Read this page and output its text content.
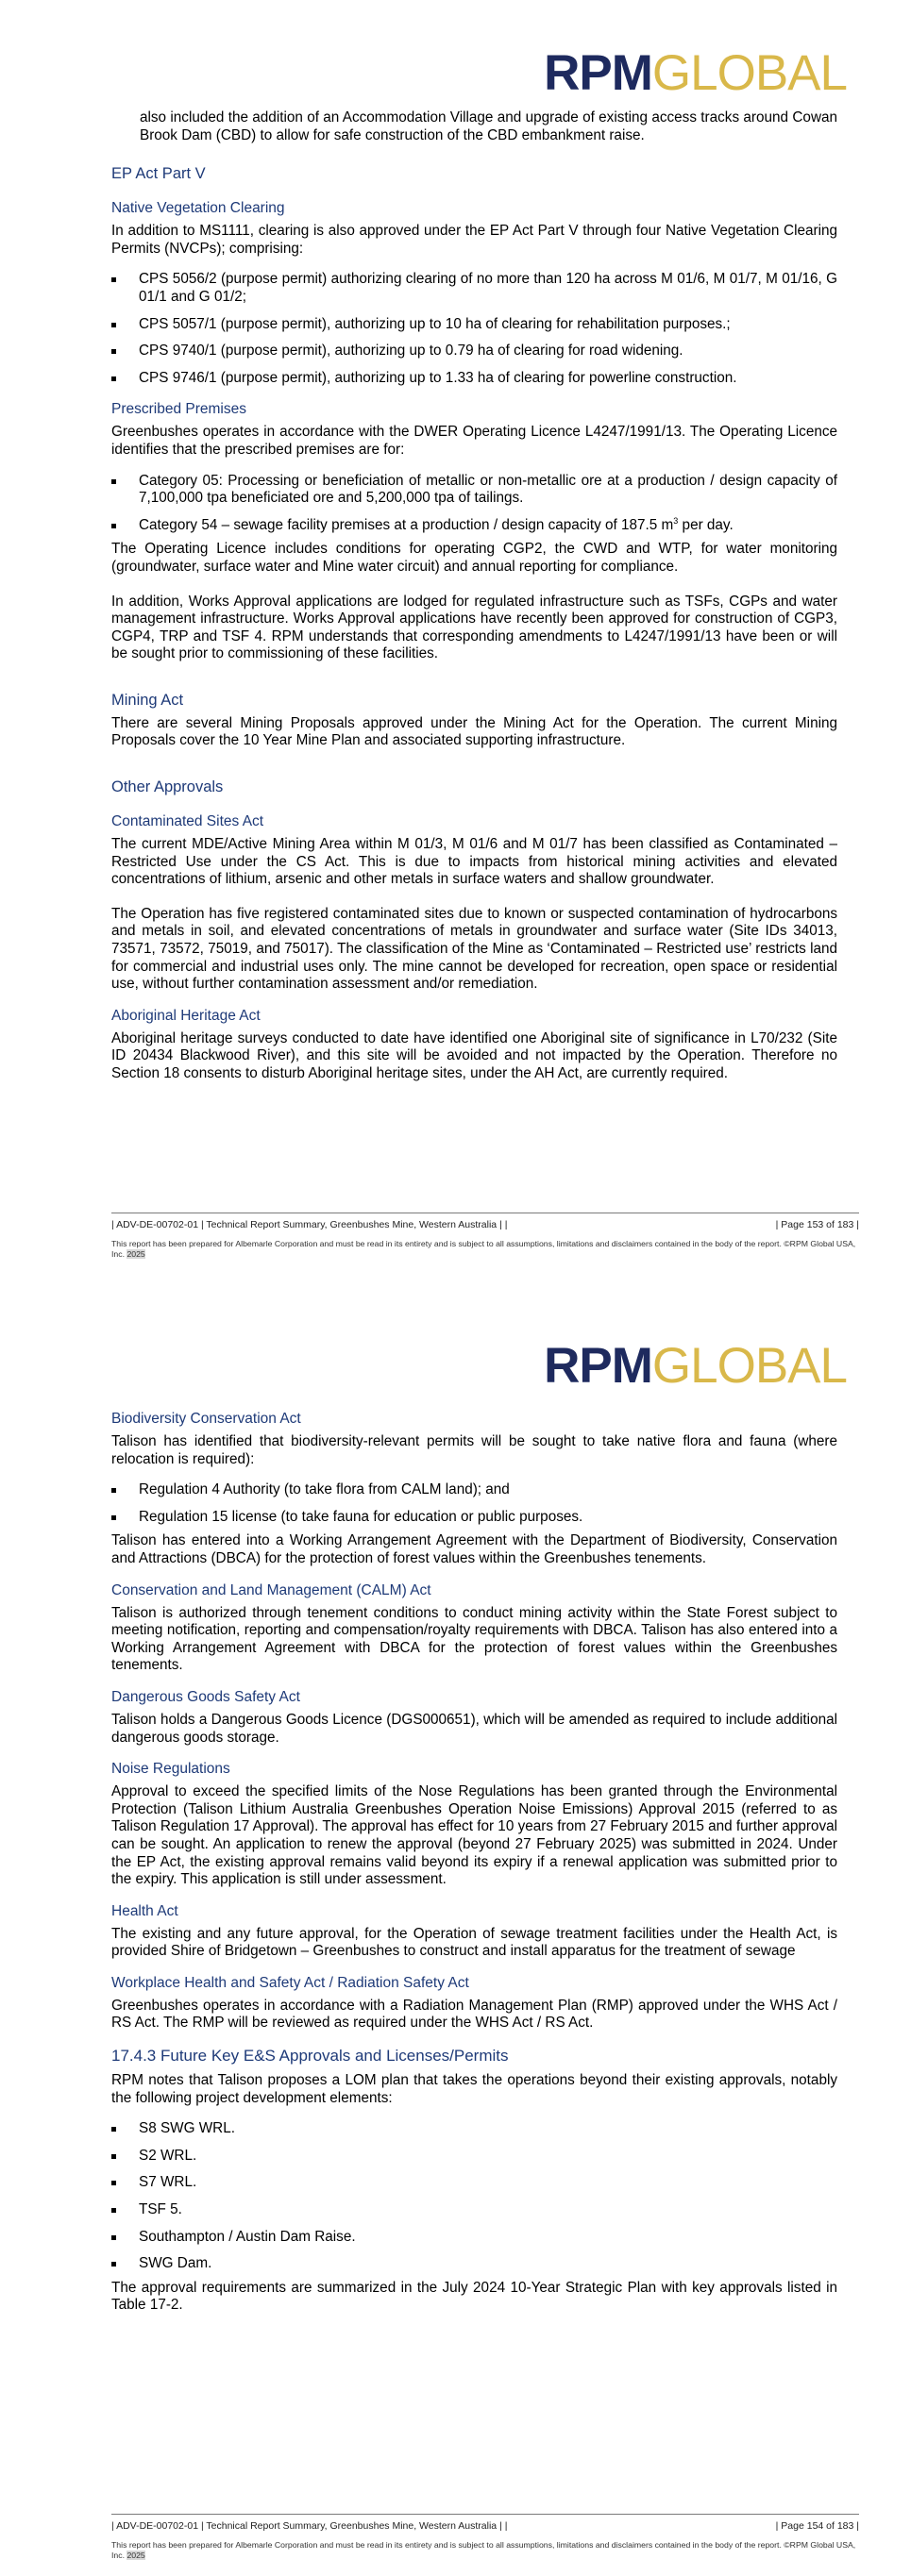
RPMGLOBAL

also included the addition of an Accommodation Village and upgrade of existing access tracks around Cowan Brook Dam (CBD) to allow for safe construction of the CBD embankment raise.

EP Act Part V
Native Vegetation Clearing

In addition to MS1111, clearing is also approved under the EP Act Part V through four Native Vegetation Clearing Permits (NVCPs); comprising:

CPS 5056/2 (purpose permit) authorizing clearing of no more than 120 ha across M 01/6, M 01/7, M 01/16, G 01/1 and G 01/2;
CPS 5057/1 (purpose permit), authorizing up to 10 ha of clearing for rehabilitation purposes.;
CPS 9740/1 (purpose permit), authorizing up to 0.79 ha of clearing for road widening.
CPS 9746/1 (purpose permit), authorizing up to 1.33 ha of clearing for powerline construction.
Prescribed Premises

Greenbushes operates in accordance with the DWER Operating Licence L4247/1991/13. The Operating Licence identifies that the prescribed premises are for:

Category 05: Processing or beneficiation of metallic or non-metallic ore at a production / design capacity of 7,100,000 tpa beneficiated ore and 5,200,000 tpa of tailings.
Category 54 – sewage facility premises at a production / design capacity of 187.5 $m^3$ per day.

The Operating Licence includes conditions for operating CGP2, the CWD and WTP, for water monitoring (groundwater, surface water and Mine water circuit) and annual reporting for compliance.

In addition, Works Approval applications are lodged for regulated infrastructure such as TSFs, CGPs and water management infrastructure. Works Approval applications have recently been approved for construction of CGP3, CGP4, TRP and TSF 4. RPM understands that corresponding amendments to L4247/1991/13 have been or will be sought prior to commissioning of these facilities.

Mining Act

There are several Mining Proposals approved under the Mining Act for the Operation. The current Mining Proposals cover the 10 Year Mine Plan and associated supporting infrastructure.

Other Approvals
Contaminated Sites Act

The current MDE/Active Mining Area within M 01/3, M 01/6 and M 01/7 has been classified as Contaminated – Restricted Use under the CS Act. This is due to impacts from historical mining activities and elevated concentrations of lithium, arsenic and other metals in surface waters and shallow groundwater.

The Operation has five registered contaminated sites due to known or suspected contamination of hydrocarbons and metals in soil, and elevated concentrations of metals in groundwater and surface water (Site IDs 34013, 73571, 73572, 75019, and 75017). The classification of the Mine as ‘Contaminated – Restricted use’ restricts land for commercial and industrial uses only. The mine cannot be developed for recreation, open space or residential use, without further contamination assessment and/or remediation.

Aboriginal Heritage Act

Aboriginal heritage surveys conducted to date have identified one Aboriginal site of significance in L70/232 (Site ID 20434 Blackwood River), and this site will be avoided and not impacted by the Operation. Therefore no Section 18 consents to disturb Aboriginal heritage sites, under the AH Act, are currently required.

| ADV-DE-00702-01 | Technical Report Summary, Greenbushes Mine, Western Australia | |	| Page 153 of 183 |
This report has been prepared for Albemarle Corporation and must be read in its entirety and is subject to all assumptions, limitations and disclaimers contained in the body of the report. ©RPM Global USA, Inc. 2025
RPMGLOBAL
Biodiversity Conservation Act

Talison has identified that biodiversity-relevant permits will be sought to take native flora and fauna (where relocation is required):

Regulation 4 Authority (to take flora from CALM land); and
Regulation 15 license (to take fauna for education or public purposes.

Talison has entered into a Working Arrangement Agreement with the Department of Biodiversity, Conservation and Attractions (DBCA) for the protection of forest values within the Greenbushes tenements.

Conservation and Land Management (CALM) Act

Talison is authorized through tenement conditions to conduct mining activity within the State Forest subject to meeting notification, reporting and compensation/royalty requirements with DBCA. Talison has also entered into a Working Arrangement Agreement with DBCA for the protection of forest values within the Greenbushes tenements.

Dangerous Goods Safety Act

Talison holds a Dangerous Goods Licence (DGS000651), which will be amended as required to include additional dangerous goods storage.

Noise Regulations

Approval to exceed the specified limits of the Nose Regulations has been granted through the Environmental Protection (Talison Lithium Australia Greenbushes Operation Noise Emissions) Approval 2015 (referred to as Talison Regulation 17 Approval). The approval has effect for 10 years from 27 February 2015 and further approval can be sought. An application to renew the approval (beyond 27 February 2025) was submitted in 2024. Under the EP Act, the existing approval remains valid beyond its expiry if a renewal application was submitted prior to the expiry. This application is still under assessment.

Health Act

The existing and any future approval, for the Operation of sewage treatment facilities under the Health Act, is provided Shire of Bridgetown – Greenbushes to construct and install apparatus for the treatment of sewage

Workplace Health and Safety Act / Radiation Safety Act

Greenbushes operates in accordance with a Radiation Management Plan (RMP) approved under the WHS Act / RS Act. The RMP will be reviewed as required under the WHS Act / RS Act.

17.4.3 Future Key E&S Approvals and Licenses/Permits

RPM notes that Talison proposes a LOM plan that takes the operations beyond their existing approvals, notably the following project development elements:

S8 SWG WRL.
S2 WRL.
S7 WRL.
TSF 5.
Southampton / Austin Dam Raise.
SWG Dam.

The approval requirements are summarized in the July 2024 10-Year Strategic Plan with key approvals listed in Table 17-2.

| ADV-DE-00702-01 | Technical Report Summary, Greenbushes Mine, Western Australia | |	| Page 154 of 183 |
This report has been prepared for Albemarle Corporation and must be read in its entirety and is subject to all assumptions, limitations and disclaimers contained in the body of the report. ©RPM Global USA, Inc. 2025
